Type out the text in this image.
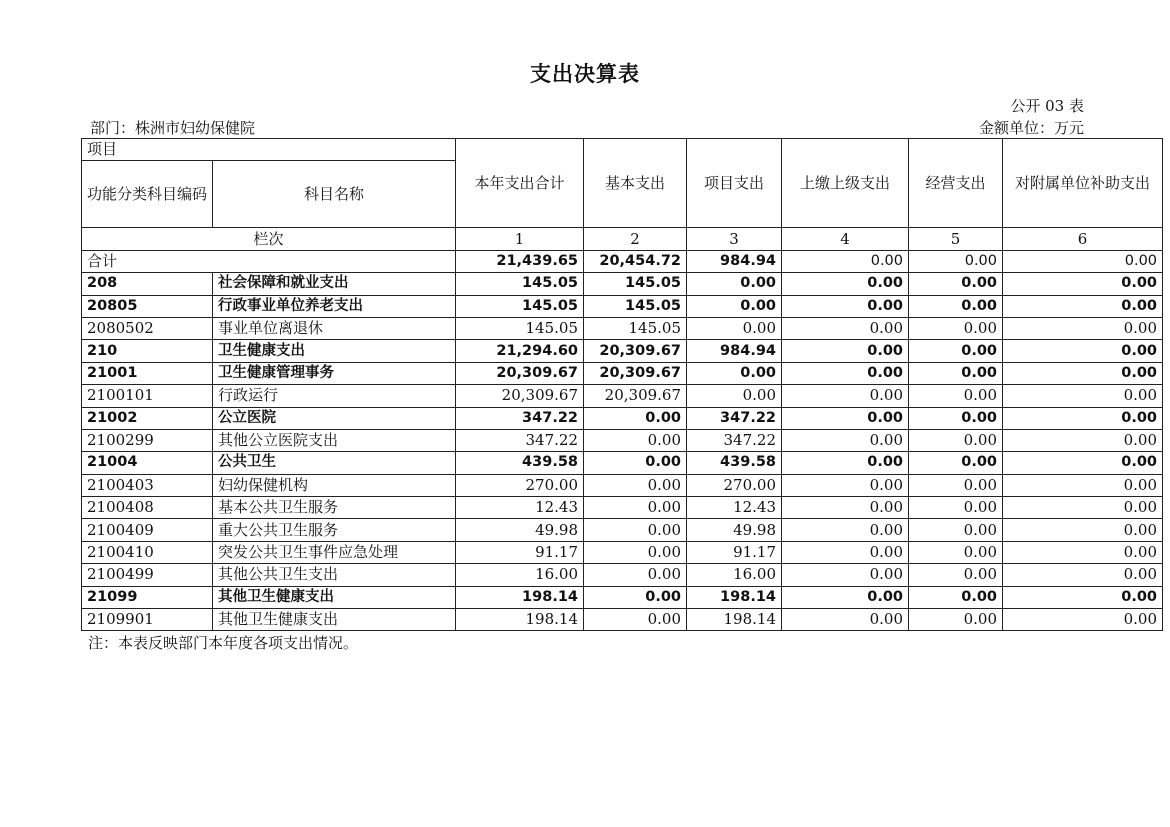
支出决算表
公开 03 表
部门：株洲市妇幼保健院	金额单位：万元
项目		本年支出合计	基本支出	项目支出	上缴上级支出	经营支出	对附属单位补助支出
功能分类科目编码	科目名称						
栏次		1	2	3	4	5	6
合计		21,439.65	20,454.72	984.94	0.00	0.00	0.00
208	社会保障和就业支出	145.05	145.05	0.00	0.00	0.00	0.00
20805	行政事业单位养老支出	145.05	145.05	0.00	0.00	0.00	0.00
2080502	事业单位离退休	145.05	145.05	0.00	0.00	0.00	0.00
210	卫生健康支出	21,294.60	20,309.67	984.94	0.00	0.00	0.00
21001	卫生健康管理事务	20,309.67	20,309.67	0.00	0.00	0.00	0.00
2100101	行政运行	20,309.67	20,309.67	0.00	0.00	0.00	0.00
21002	公立医院	347.22	0.00	347.22	0.00	0.00	0.00
2100299	其他公立医院支出	347.22	0.00	347.22	0.00	0.00	0.00
21004	公共卫生	439.58	0.00	439.58	0.00	0.00	0.00
2100403	妇幼保健机构	270.00	0.00	270.00	0.00	0.00	0.00
2100408	基本公共卫生服务	12.43	0.00	12.43	0.00	0.00	0.00
2100409	重大公共卫生服务	49.98	0.00	49.98	0.00	0.00	0.00
2100410	突发公共卫生事件应急处理	91.17	0.00	91.17	0.00	0.00	0.00
2100499	其他公共卫生支出	16.00	0.00	16.00	0.00	0.00	0.00
21099	其他卫生健康支出	198.14	0.00	198.14	0.00	0.00	0.00
2109901	其他卫生健康支出	198.14	0.00	198.14	0.00	0.00	0.00
注：本表反映部门本年度各项支出情况。
